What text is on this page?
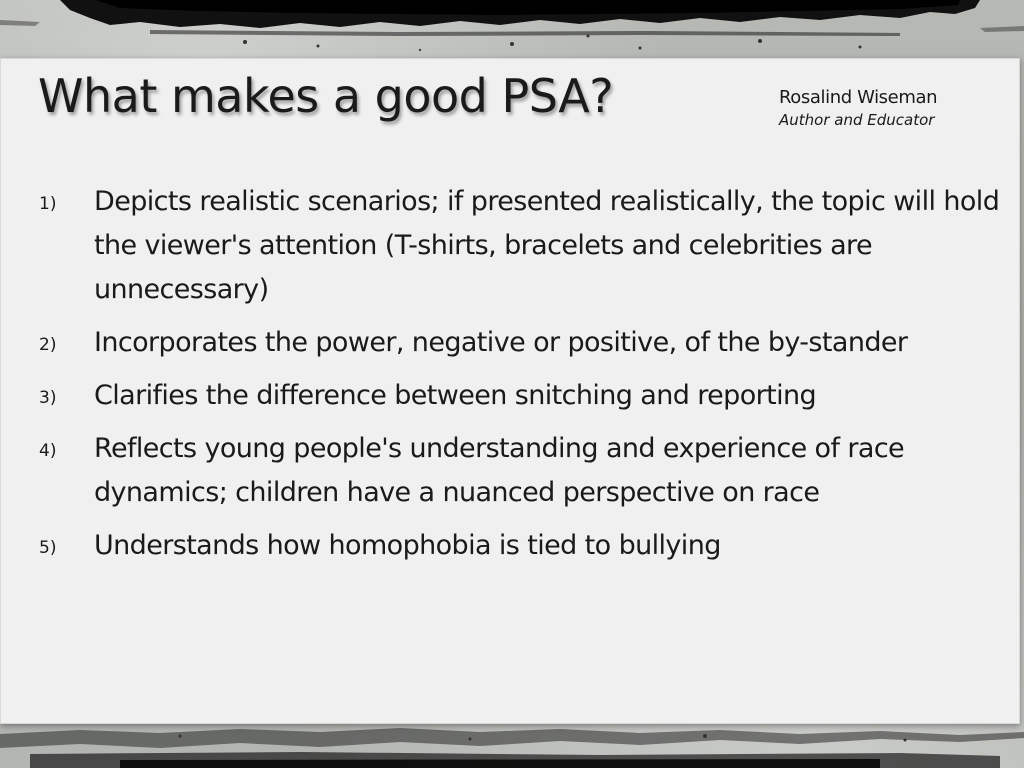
What makes a good PSA?	Rosalind Wiseman
Author and Educator
1) Depicts realistic scenarios; if presented realistically, the topic will hold the viewer's attention (T-shirts, bracelets and celebrities are unnecessary)
2) Incorporates the power, negative or positive, of the by-stander
3) Clarifies the difference between snitching and reporting
4) Reflects young people's understanding and experience of race dynamics; children have a nuanced perspective on race
5) Understands how homophobia is tied to bullying
